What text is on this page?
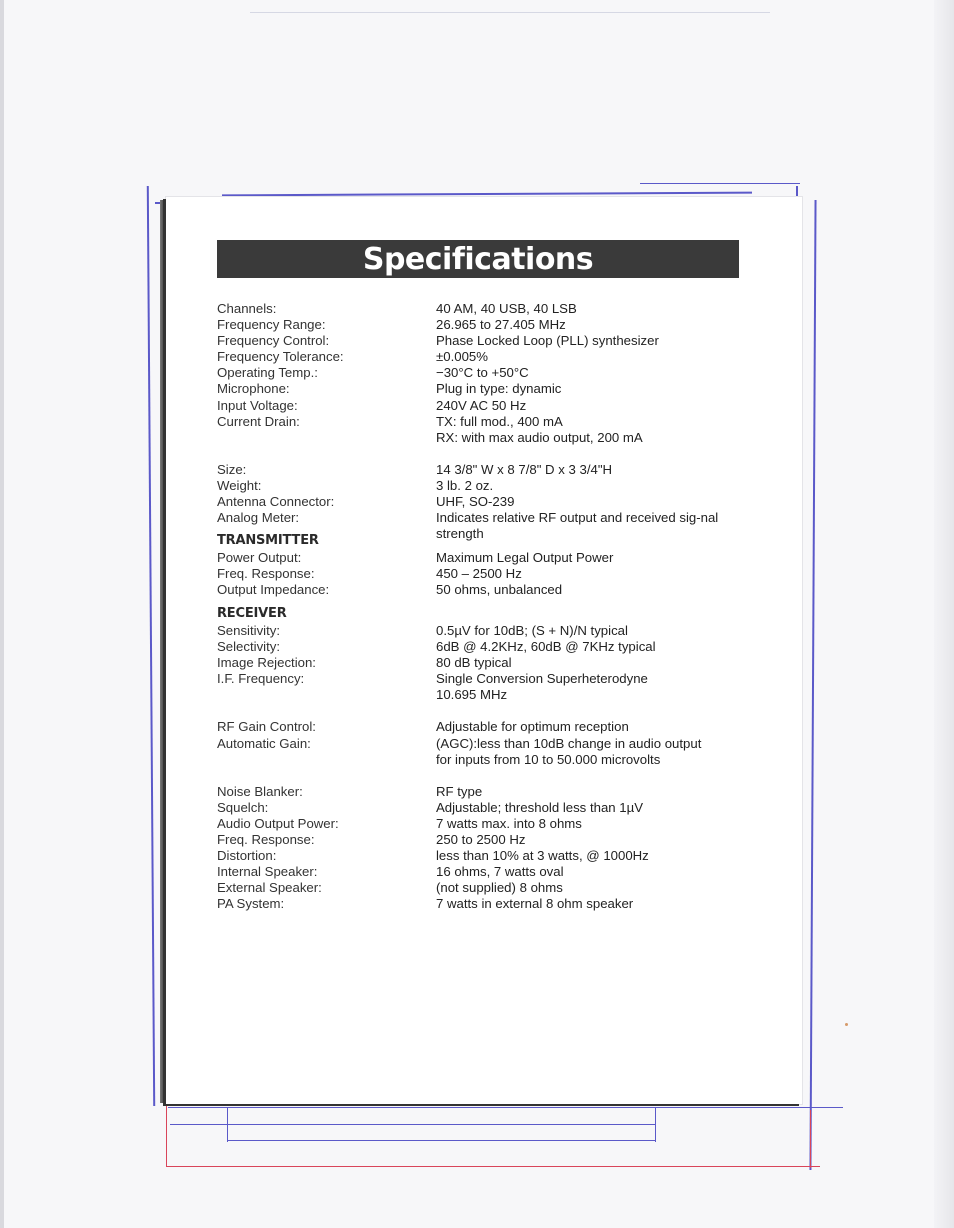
Specifications
Channels:	40 AM, 40 USB, 40 LSB
Frequency Range:	26.965 to 27.405 MHz
Frequency Control:	Phase Locked Loop (PLL) synthesizer
Frequency Tolerance:	±0.005%
Operating Temp.:	−30°C to +50°C
Microphone:	Plug in type: dynamic
Input Voltage:	240V AC 50 Hz
Current Drain:	TX: full mod., 400 mA
RX: with max audio output, 200 mA
Size:	14 3/8" W x 8 7/8" D x 3 3/4"H
Weight:	3 lb. 2 oz.
Antenna Connector:	UHF, SO-239
Analog Meter:	Indicates relative RF output and received sig-nal strength
TRANSMITTER
Power Output:	Maximum Legal Output Power
Freq. Response:	450 – 2500 Hz
Output Impedance:	50 ohms, unbalanced
RECEIVER
Sensitivity:	0.5µV for 10dB; (S + N)/N typical
Selectivity:	6dB @ 4.2KHz, 60dB @ 7KHz typical
Image Rejection:	80 dB typical
I.F. Frequency:	Single Conversion Superheterodyne
10.695 MHz
RF Gain Control:	Adjustable for optimum reception
Automatic Gain:	(AGC):less than 10dB change in audio output
for inputs from 10 to 50.000 microvolts
Noise Blanker:	RF type
Squelch:	Adjustable; threshold less than 1µV
Audio Output Power:	7 watts max. into 8 ohms
Freq. Response:	250 to 2500 Hz
Distortion:	less than 10% at 3 watts, @ 1000Hz
Internal Speaker:	16 ohms, 7 watts oval
External Speaker:	(not supplied) 8 ohms
PA System:	7 watts in external 8 ohm speaker
